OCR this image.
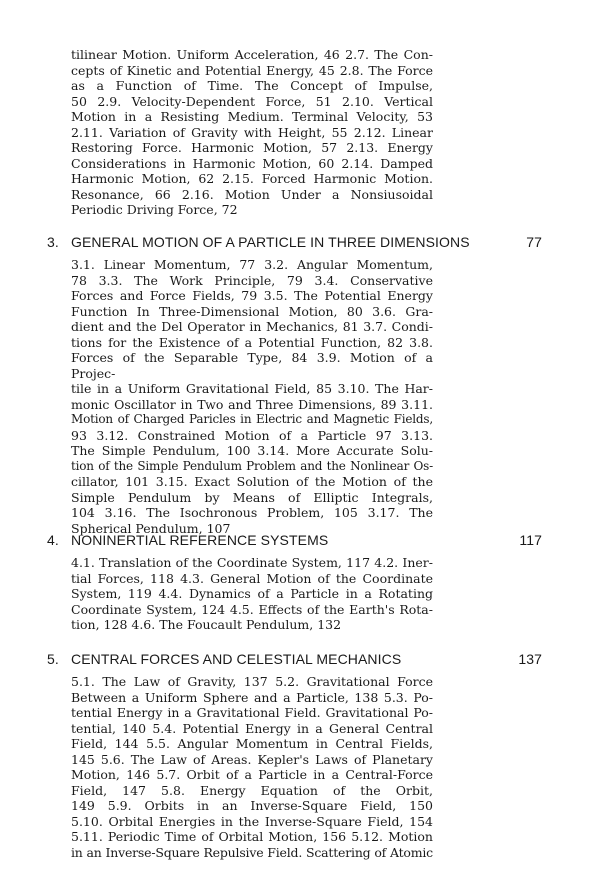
tilinear Motion. Uniform Acceleration, 46 2.7. The Con-
cepts of Kinetic and Potential Energy, 45 2.8. The Force
as a Function of Time. The Concept of Impulse,
50 2.9. Velocity-Dependent Force, 51 2.10. Vertical
Motion in a Resisting Medium. Terminal Velocity, 53
2.11. Variation of Gravity with Height, 55 2.12. Linear
Restoring Force. Harmonic Motion, 57 2.13. Energy
Considerations in Harmonic Motion, 60 2.14. Damped
Harmonic Motion, 62 2.15. Forced Harmonic Motion.
Resonance, 66 2.16. Motion Under a Nonsiusoidal
Periodic Driving Force, 72
3. GENERAL MOTION OF A PARTICLE IN THREE DIMENSIONS	77
3.1. Linear Momentum, 77 3.2. Angular Momentum,
78 3.3. The Work Principle, 79 3.4. Conservative
Forces and Force Fields, 79 3.5. The Potential Energy
Function In Three-Dimensional Motion, 80 3.6. Gra-
dient and the Del Operator in Mechanics, 81 3.7. Condi-
tions for the Existence of a Potential Function, 82 3.8.
Forces of the Separable Type, 84 3.9. Motion of a Projec-
tile in a Uniform Gravitational Field, 85 3.10. The Har-
monic Oscillator in Two and Three Dimensions, 89 3.11.
Motion of Charged Paricles in Electric and Magnetic Fields,
93 3.12. Constrained Motion of a Particle 97 3.13.
The Simple Pendulum, 100 3.14. More Accurate Solu-
tion of the Simple Pendulum Problem and the Nonlinear Os-
cillator, 101 3.15. Exact Solution of the Motion of the
Simple Pendulum by Means of Elliptic Integrals,
104 3.16. The Isochronous Problem, 105 3.17. The
Spherical Pendulum, 107
4. NONINERTIAL REFERENCE SYSTEMS	117
4.1. Translation of the Coordinate System, 117 4.2. Iner-
tial Forces, 118 4.3. General Motion of the Coordinate
System, 119 4.4. Dynamics of a Particle in a Rotating
Coordinate System, 124 4.5. Effects of the Earth's Rota-
tion, 128 4.6. The Foucault Pendulum, 132
5. CENTRAL FORCES AND CELESTIAL MECHANICS	137
5.1. The Law of Gravity, 137 5.2. Gravitational Force
Between a Uniform Sphere and a Particle, 138 5.3. Po-
tential Energy in a Gravitational Field. Gravitational Po-
tential, 140 5.4. Potential Energy in a General Central
Field, 144 5.5. Angular Momentum in Central Fields,
145 5.6. The Law of Areas. Kepler's Laws of Planetary
Motion, 146 5.7. Orbit of a Particle in a Central-Force
Field, 147 5.8. Energy Equation of the Orbit,
149 5.9. Orbits in an Inverse-Square Field, 150
5.10. Orbital Energies in the Inverse-Square Field, 154
5.11. Periodic Time of Orbital Motion, 156 5.12. Motion
in an Inverse-Square Repulsive Field. Scattering of Atomic
